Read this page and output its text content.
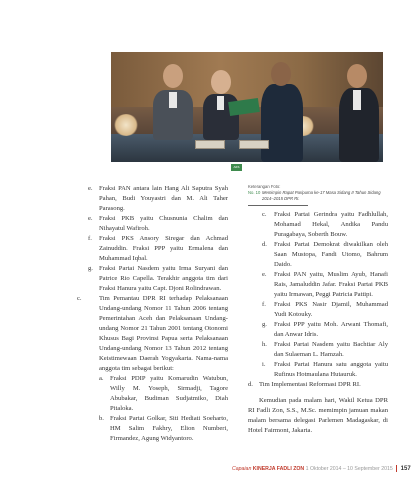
ARS
e. Fraksi PAN antara lain Hang Ali Saputra Syah Pahan, Budi Youyastri dan M. Ali Taher Parasong.
e. Fraksi PKB yaitu Chusnunia Chalim dan Nihayatul Wafiroh.
f. Fraksi PKS Ansory Siregar dan Achmad Zainuddin. Fraksi PPP yaitu Ermalena dan Muhammad Iqbal.
g. Fraksi Partai Nasdem yaitu Irma Suryani dan Patrice Rio Capella. Terakhir anggota tim dari Fraksi Hanura yaitu Capt. Djoni Rolindrawan.
c.	Tim Pemantau DPR RI terhadap Pelaksanaan Undang-undang Nomor 11 Tahun 2006 tentang Pemerintahan Aceh dan Pelaksanaan Undang-undang Nomor 21 Tahun 2001 tentang Otonomi Khusus Bagi Provinsi Papua serta Pelaksanaan Undang-undang Nomor 13 Tahun 2012 tentang Keistimewaan Daerah Yogyakarta. Nama-nama anggota tim sebagai berikut:
a. Fraksi PDIP yaitu Komarudin Watubun, Willy M. Yoseph, Sirmadji, Tagore Abubakar, Budiman Sudjatmiko, Diah Pitaloka.
b. Fraksi Partai Golkar, Siti Hediati Soeharto, HM Salim Fakhry, Elion Numberi, Firmandez, Agung Widyantoro.
Keterangan Foto:
No. 10 Memimpin Rapat Paripurna ke-17 Masa Sidang II Tahun Sidang 2014–2015 DPR RI.
c. Fraksi Partai Gerindra yaitu Fadhlullah, Mohamad Hekal, Andika Pandu Puragabaya, Soberth Bouw.
d. Fraksi Partai Demokrat diwakilkan oleh Saan Mustopa, Fandi Utomo, Bahrum Daido.
e. Fraksi PAN yaitu, Muslim Ayub, Hanafi Rais, Jamaluddin Jafar. Fraksi Partai PKB yaitu Irmawan, Peggi Patricia Pattipi.
f. Fraksi PKS Nasir Djamil, Muhammad Yudi Kotouky.
g. Fraksi PPP yaitu Moh. Arwani Thomafi, dan Anwar Idris.
h. Fraksi Partai Nasdem yaitu Bachtiar Aly dan Sulaeman L. Hamzah.
i. Fraksi Partai Hanura satu anggota yaitu Rufinus Hotmaulana Hutauruk.
d. Tim Implementasi Reformasi DPR RI.
Kemudian pada malam hari, Wakil Ketua DPR RI Fadli Zon, S.S., M.Sc. memimpin jamuan makan malam bersama delegasi Parlemen Madagaskar, di Hotel Fairmont, Jakarta.
Capaian KINERJA FADLI ZON 1 Oktober 2014 – 10 September 2015 157
